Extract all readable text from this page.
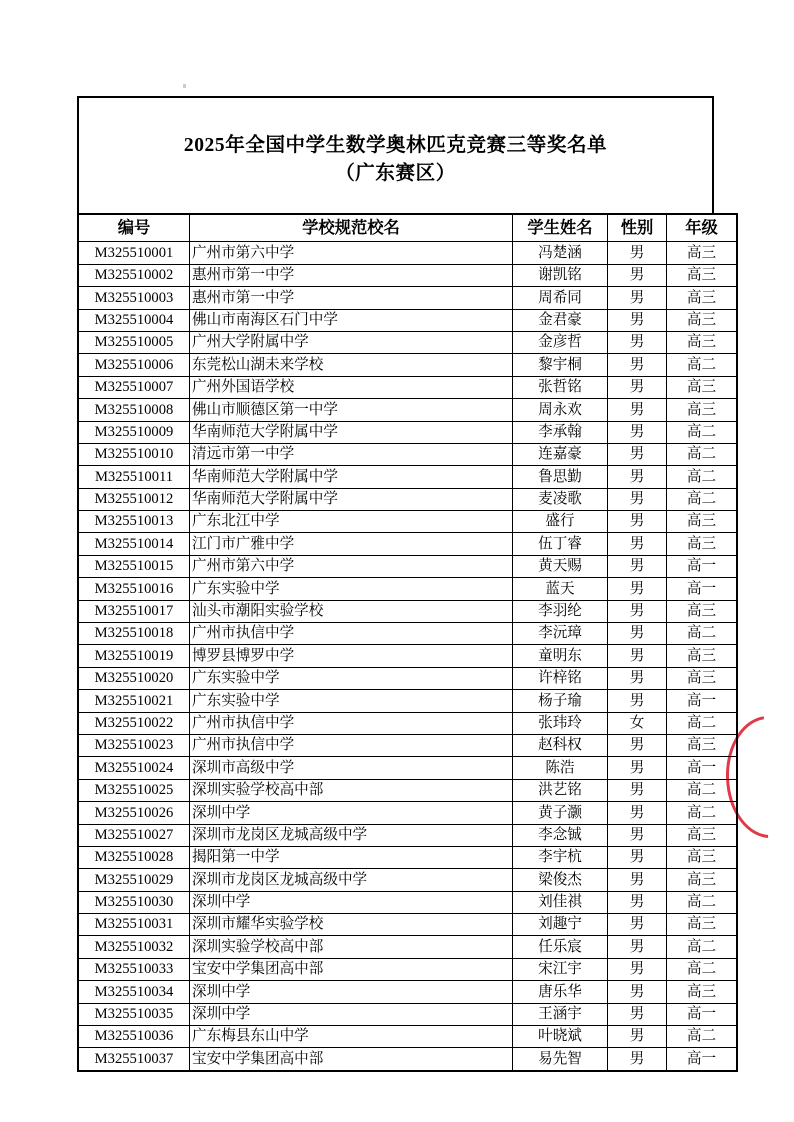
2025年全国中学生数学奥林匹克竞赛三等奖名单
（广东赛区）
编号	学校规范校名	学生姓名	性别	年级
M325510001	广州市第六中学	冯楚涵	男	高三
M325510002	惠州市第一中学	谢凯铭	男	高三
M325510003	惠州市第一中学	周希同	男	高三
M325510004	佛山市南海区石门中学	金君豪	男	高三
M325510005	广州大学附属中学	金彦哲	男	高三
M325510006	东莞松山湖未来学校	黎宇桐	男	高二
M325510007	广州外国语学校	张哲铭	男	高三
M325510008	佛山市顺德区第一中学	周永欢	男	高三
M325510009	华南师范大学附属中学	李承翰	男	高二
M325510010	清远市第一中学	连嘉豪	男	高二
M325510011	华南师范大学附属中学	鲁思勤	男	高二
M325510012	华南师范大学附属中学	麦凌歌	男	高二
M325510013	广东北江中学	盛行	男	高三
M325510014	江门市广雅中学	伍丁睿	男	高三
M325510015	广州市第六中学	黄天赐	男	高一
M325510016	广东实验中学	蓝天	男	高一
M325510017	汕头市潮阳实验学校	李羽纶	男	高三
M325510018	广州市执信中学	李沅璋	男	高二
M325510019	博罗县博罗中学	童明东	男	高三
M325510020	广东实验中学	许梓铭	男	高三
M325510021	广东实验中学	杨子瑜	男	高一
M325510022	广州市执信中学	张玮玲	女	高二
M325510023	广州市执信中学	赵科权	男	高三
M325510024	深圳市高级中学	陈浩	男	高一
M325510025	深圳实验学校高中部	洪艺铭	男	高二
M325510026	深圳中学	黄子灏	男	高二
M325510027	深圳市龙岗区龙城高级中学	李念铖	男	高三
M325510028	揭阳第一中学	李宇杭	男	高三
M325510029	深圳市龙岗区龙城高级中学	梁俊杰	男	高三
M325510030	深圳中学	刘佳祺	男	高二
M325510031	深圳市耀华实验学校	刘趣宁	男	高三
M325510032	深圳实验学校高中部	任乐宸	男	高二
M325510033	宝安中学集团高中部	宋江宇	男	高二
M325510034	深圳中学	唐乐华	男	高三
M325510035	深圳中学	王涵宇	男	高一
M325510036	广东梅县东山中学	叶晓斌	男	高二
M325510037	宝安中学集团高中部	易先智	男	高一
